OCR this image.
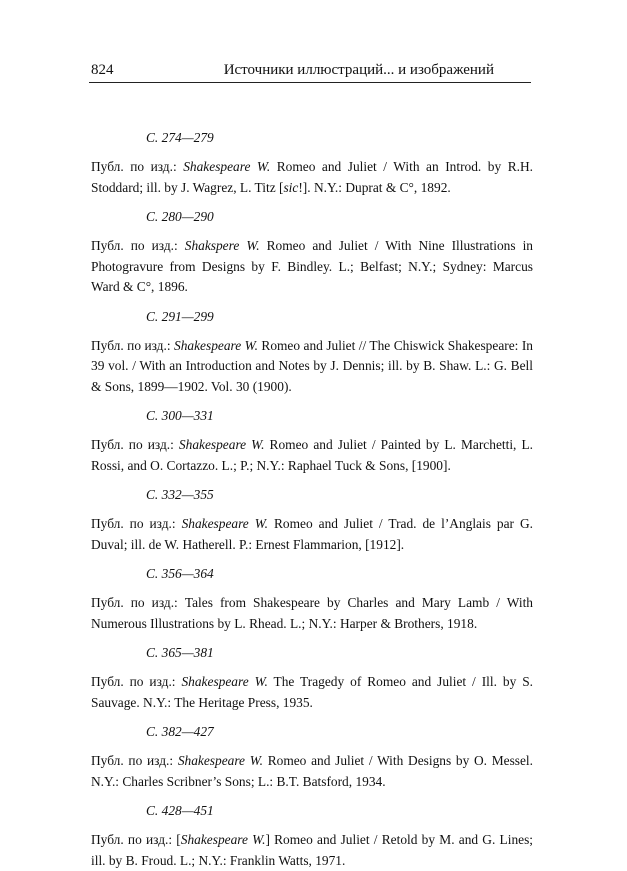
824	Источники иллюстраций... и изображений
С. 274—279
Публ. по изд.: Shakespeare W. Romeo and Juliet / With an Introd. by R.H. Stoddard; ill. by J. Wagrez, L. Titz [sic!]. N.Y.: Duprat & C°, 1892.
С. 280—290
Публ. по изд.: Shakspere W. Romeo and Juliet / With Nine Illustrations in Photogravure from Designs by F. Bindley. L.; Belfast; N.Y.; Sydney: Marcus Ward & C°, 1896.
С. 291—299
Публ. по изд.: Shakespeare W. Romeo and Juliet // The Chiswick Shakespeare: In 39 vol. / With an Introduction and Notes by J. Dennis; ill. by B. Shaw. L.: G. Bell & Sons, 1899—1902. Vol. 30 (1900).
С. 300—331
Публ. по изд.: Shakespeare W. Romeo and Juliet / Painted by L. Marchetti, L. Rossi, and O. Cortazzo. L.; P.; N.Y.: Raphael Tuck & Sons, [1900].
С. 332—355
Публ. по изд.: Shakespeare W. Romeo and Juliet / Trad. de l’Anglais par G. Duval; ill. de W. Hatherell. P.: Ernest Flammarion, [1912].
С. 356—364
Публ. по изд.: Tales from Shakespeare by Charles and Mary Lamb / With Numerous Illustrations by L. Rhead. L.; N.Y.: Harper & Brothers, 1918.
С. 365—381
Публ. по изд.: Shakespeare W. The Tragedy of Romeo and Juliet / Ill. by S. Sauvage. N.Y.: The Heritage Press, 1935.
С. 382—427
Публ. по изд.: Shakespeare W. Romeo and Juliet / With Designs by O. Messel. N.Y.: Charles Scribner’s Sons; L.: B.T. Batsford, 1934.
С. 428—451
Публ. по изд.: [Shakespeare W.] Romeo and Juliet / Retold by M. and G. Lines; ill. by B. Froud. L.; N.Y.: Franklin Watts, 1971.
